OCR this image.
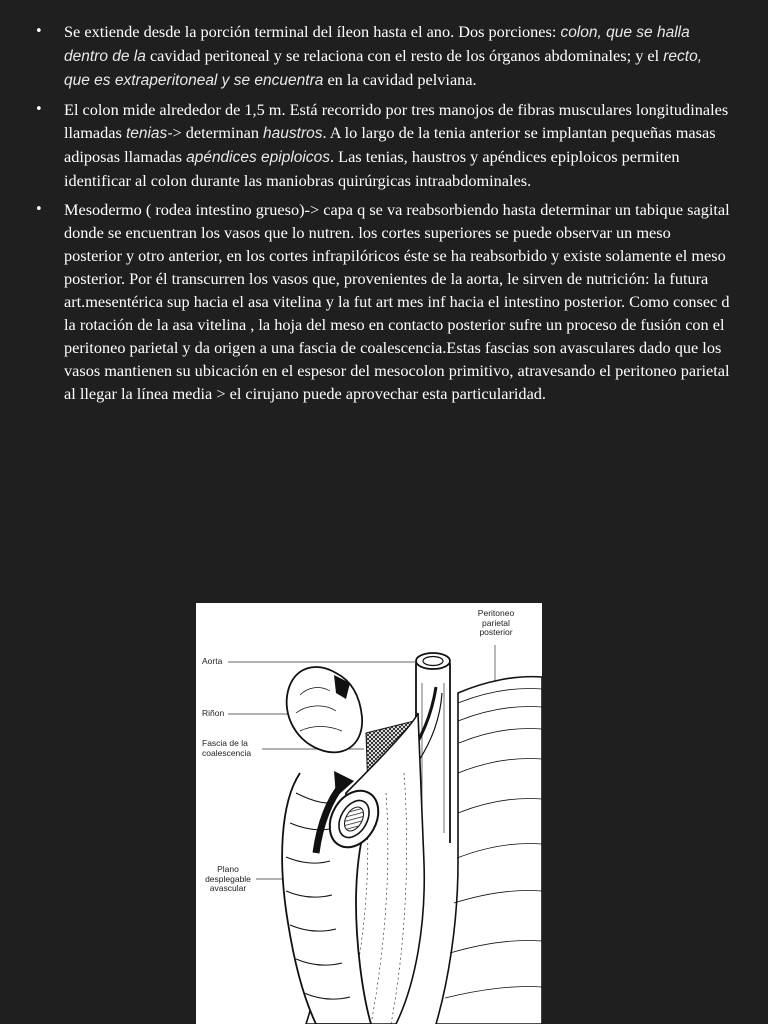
• Se extiende desde la porción terminal del íleon hasta el ano. Dos porciones: colon, que se halla dentro de la cavidad peritoneal y se relaciona con el resto de los órganos abdominales; y el recto, que es extraperitoneal y se encuentra en la cavidad pelviana.
• El colon mide alrededor de 1,5 m. Está recorrido por tres manojos de fibras musculares longitudinales llamadas tenias-> determinan haustros. A lo largo de la tenia anterior se implantan pequeñas masas adiposas llamadas apéndices epiploicos. Las tenias, haustros y apéndices epiploicos permiten identificar al colon durante las maniobras quirúrgicas intraabdominales.
• Mesodermo ( rodea intestino grueso)-> capa q se va reabsorbiendo hasta determinar un tabique sagital donde se encuentran los vasos que lo nutren. los cortes superiores se puede observar un meso posterior y otro anterior, en los cortes infrapilóricos éste se ha reabsorbido y existe solamente el meso posterior. Por él transcurren los vasos que, provenientes de la aorta, le sirven de nutrición: la futura art.mesentérica sup hacia el asa vitelina y la fut art mes inf hacia el intestino posterior. Como consec d la rotación de la asa vitelina , la hoja del meso en contacto posterior sufre un proceso de fusión con el peritoneo parietal y da origen a una fascia de coalescencia.Estas fascias son avasculares dado que los vasos mantienen su ubicación en el espesor del mesocolon primitivo, atravesando el peritoneo parietal al llegar la línea media > el cirujano puede aprovechar esta particularidad.
Peritoneo
parietal
posterior
Aorta
Riñon
Fascia de la
coalescencia
Plano
desplegable
avascular
